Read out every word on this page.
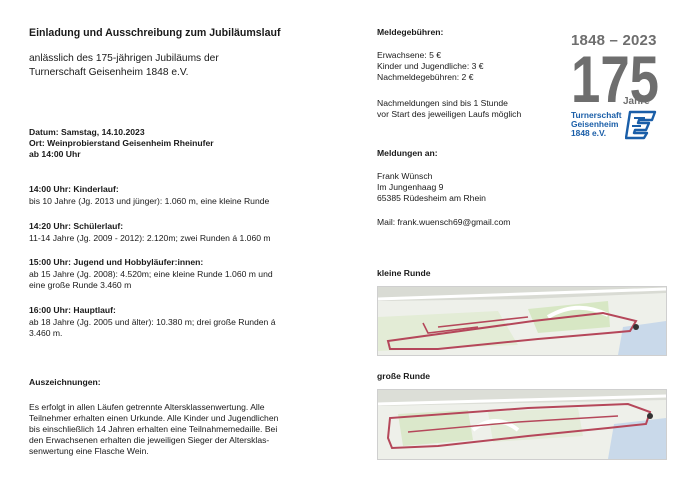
Einladung und Ausschreibung zum Jubiläumslauf
anlässlich des 175-jährigen Jubiläums der
Turnerschaft Geisenheim 1848 e.V.
Datum: Samstag, 14.10.2023
Ort: Weinprobierstand Geisenheim Rheinufer
ab 14:00 Uhr
14:00 Uhr: Kinderlauf:
bis 10 Jahre (Jg. 2013 und jünger): 1.060 m, eine kleine Runde
14:20 Uhr: Schülerlauf:
11-14 Jahre (Jg. 2009 - 2012): 2.120m; zwei Runden á 1.060 m
15:00 Uhr: Jugend und Hobbyläufer:innen:
ab 15 Jahre (Jg. 2008): 4.520m; eine kleine Runde 1.060 m und
eine große Runde 3.460 m
16:00 Uhr: Hauptlauf:
ab 18 Jahre (Jg. 2005 und älter): 10.380 m; drei große Runden á
3.460 m.
Auszeichnungen:
Es erfolgt in allen Läufen getrennte Altersklassenwertung. Alle
Teilnehmer erhalten einen Urkunde. Alle Kinder und Jugendlichen
bis einschließlich 14 Jahren erhalten eine Teilnahmemedaille. Bei
den Erwachsenen erhalten die jeweiligen Sieger der Altersklas-
senwertung eine Flasche Wein.
Meldegebühren:
Erwachsene: 5 €
Kinder und Jugendliche: 3 €
Nachmeldegebühren: 2 €
Nachmeldungen sind bis 1 Stunde
vor Start des jeweiligen Laufs möglich
Meldungen an:
Frank Wünsch
Im Jungenhaag 9
65385 Rüdesheim am Rhein
Mail: frank.wuensch69@gmail.com
1848 – 2023
175
Jahre
Turnerschaft
Geisenheim
1848 e.V.
kleine Runde
große Runde
